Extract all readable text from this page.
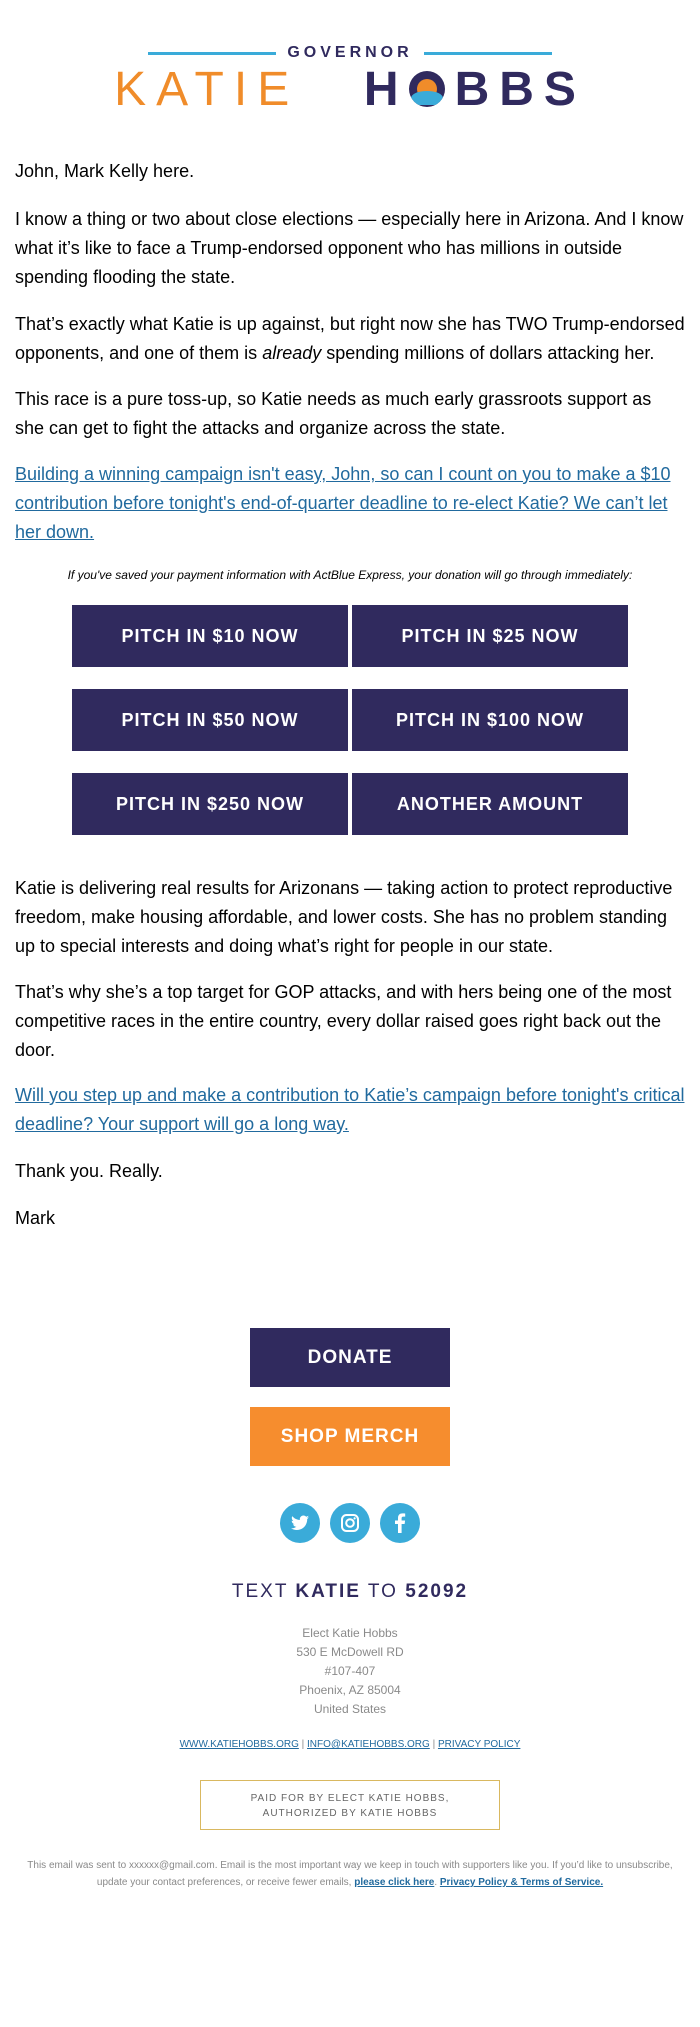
GOVERNOR
KATIE H BBS

John, Mark Kelly here.

I know a thing or two about close elections — especially here in Arizona. And I know what it’s like to face a Trump-endorsed opponent who has millions in outside spending flooding the state.

That’s exactly what Katie is up against, but right now she has TWO Trump-endorsed opponents, and one of them is already spending millions of dollars attacking her.

This race is a pure toss-up, so Katie needs as much early grassroots support as she can get to fight the attacks and organize across the state.

Building a winning campaign isn't easy, John, so can I count on you to make a $10 contribution before tonight's end-of-quarter deadline to re-elect Katie? We can’t let her down.

If you've saved your payment information with ActBlue Express, your donation will go through immediately:
PITCH IN $10 NOW	PITCH IN $25 NOW
PITCH IN $50 NOW	PITCH IN $100 NOW
PITCH IN $250 NOW	ANOTHER AMOUNT

Katie is delivering real results for Arizonans — taking action to protect reproductive freedom, make housing affordable, and lower costs. She has no problem standing up to special interests and doing what’s right for people in our state.

That’s why she’s a top target for GOP attacks, and with hers being one of the most competitive races in the entire country, every dollar raised goes right back out the door.

Will you step up and make a contribution to Katie’s campaign before tonight's critical deadline? Your support will go a long way.

Thank you. Really.

Mark

DONATE
SHOP MERCH
TEXT KATIE TO 52092
Elect Katie Hobbs
530 E McDowell RD
#107-407
Phoenix, AZ 85004
United States
WWW.KATIEHOBBS.ORG | INFO@KATIEHOBBS.ORG | PRIVACY POLICY
PAID FOR BY ELECT KATIE HOBBS,
AUTHORIZED BY KATIE HOBBS
This email was sent to xxxxxx@gmail.com. Email is the most important way we keep in touch with supporters like you. If you’d like to unsubscribe, update your contact preferences, or receive fewer emails, please click here. Privacy Policy & Terms of Service.
